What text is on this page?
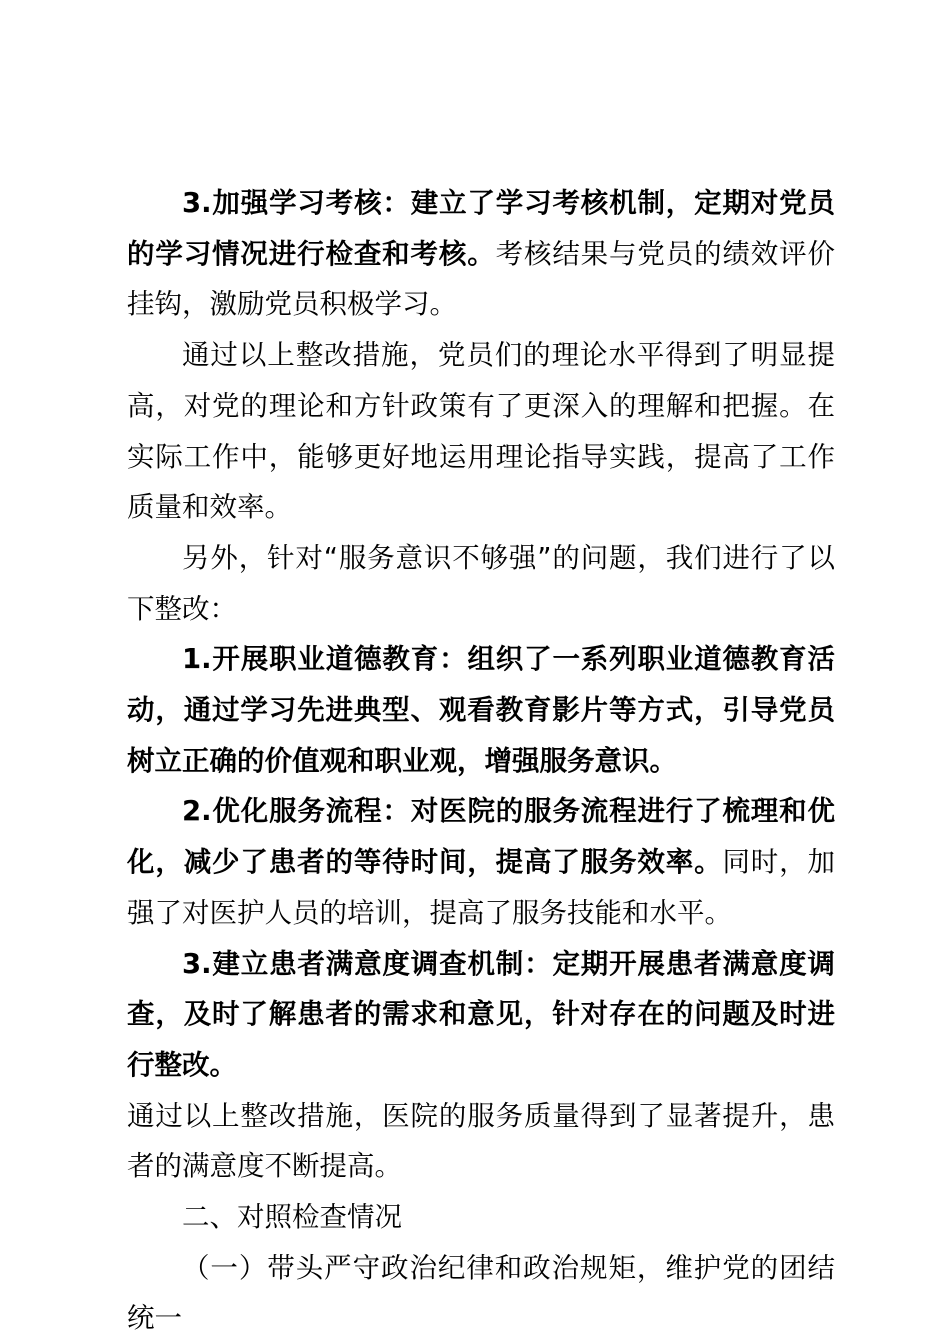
3.加强学习考核：建立了学习考核机制，定期对党员的学习情况进行检查和考核。考核结果与党员的绩效评价挂钩，激励党员积极学习。

通过以上整改措施，党员们的理论水平得到了明显提高，对党的理论和方针政策有了更深入的理解和把握。在实际工作中，能够更好地运用理论指导实践，提高了工作质量和效率。

另外，针对“服务意识不够强”的问题，我们进行了以下整改：

1.开展职业道德教育：组织了一系列职业道德教育活动，通过学习先进典型、观看教育影片等方式，引导党员树立正确的价值观和职业观，增强服务意识。

2.优化服务流程：对医院的服务流程进行了梳理和优化，减少了患者的等待时间，提高了服务效率。同时，加强了对医护人员的培训，提高了服务技能和水平。

3.建立患者满意度调查机制：定期开展患者满意度调查，及时了解患者的需求和意见，针对存在的问题及时进行整改。

通过以上整改措施，医院的服务质量得到了显著提升，患者的满意度不断提高。

二、对照检查情况

（一）带头严守政治纪律和政治规矩，维护党的团结统一
